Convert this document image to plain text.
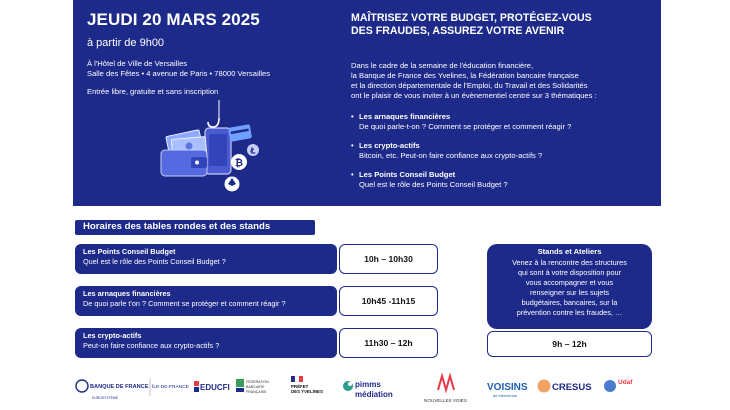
JEUDI 20 MARS 2025
à partir de 9h00
À l'Hôtel de Ville de Versailles
Salle des Fêtes • 4 avenue de Paris • 78000 Versailles
Entrée libre, gratuite et sans inscription
₿
Ł
MAÎTRISEZ VOTRE BUDGET, PROTÉGEZ-VOUS
DES FRAUDES, ASSUREZ VOTRE AVENIR
Dans le cadre de la semaine de l'éducation financière,
la Banque de France des Yvelines, la Fédération bancaire française
et la direction départementale de l'Emploi, du Travail et des Solidarités
ont le plaisir de vous inviter à un évènementiel centré sur 3 thématiques :
• Les arnaques financières
De quoi parle-t-on ? Comment se protéger et comment réagir ?
• Les crypto-actifs
Bitcoin, etc. Peut-on faire confiance aux crypto-actifs ?
• Les Points Conseil Budget
Quel est le rôle des Points Conseil Budget ?
Horaires des tables rondes et des stands
Les Points Conseil Budget
Quel est le rôle des Points Conseil Budget ?	10h – 10h30
Les arnaques financières
De quoi parle t'on ? Comment se protéger et comment réagir ?	10h45 -11h15
Les crypto-actifs
Peut-on faire confiance aux crypto-actifs ?	11h30 – 12h
Stands et Ateliers
Venez à la rencontre des structures
qui sont à votre disposition pour
vous accompagner et vous
renseigner sur les sujets
budgétaires, bancaires, sur la
prévention contre les fraudes, …
9h – 12h
BANQUE DE FRANCE
EUROSYSTÈME
ÎLE-DE-FRANCE EDUCFI
FÉDÉRATION
BANCAIRE
FRANÇAISE
PRÉFET
DES YVELINES
pimms
médiation
NOUVELLES VOIES
VOISINS
de bienvenue
CRESUS	Udaf
